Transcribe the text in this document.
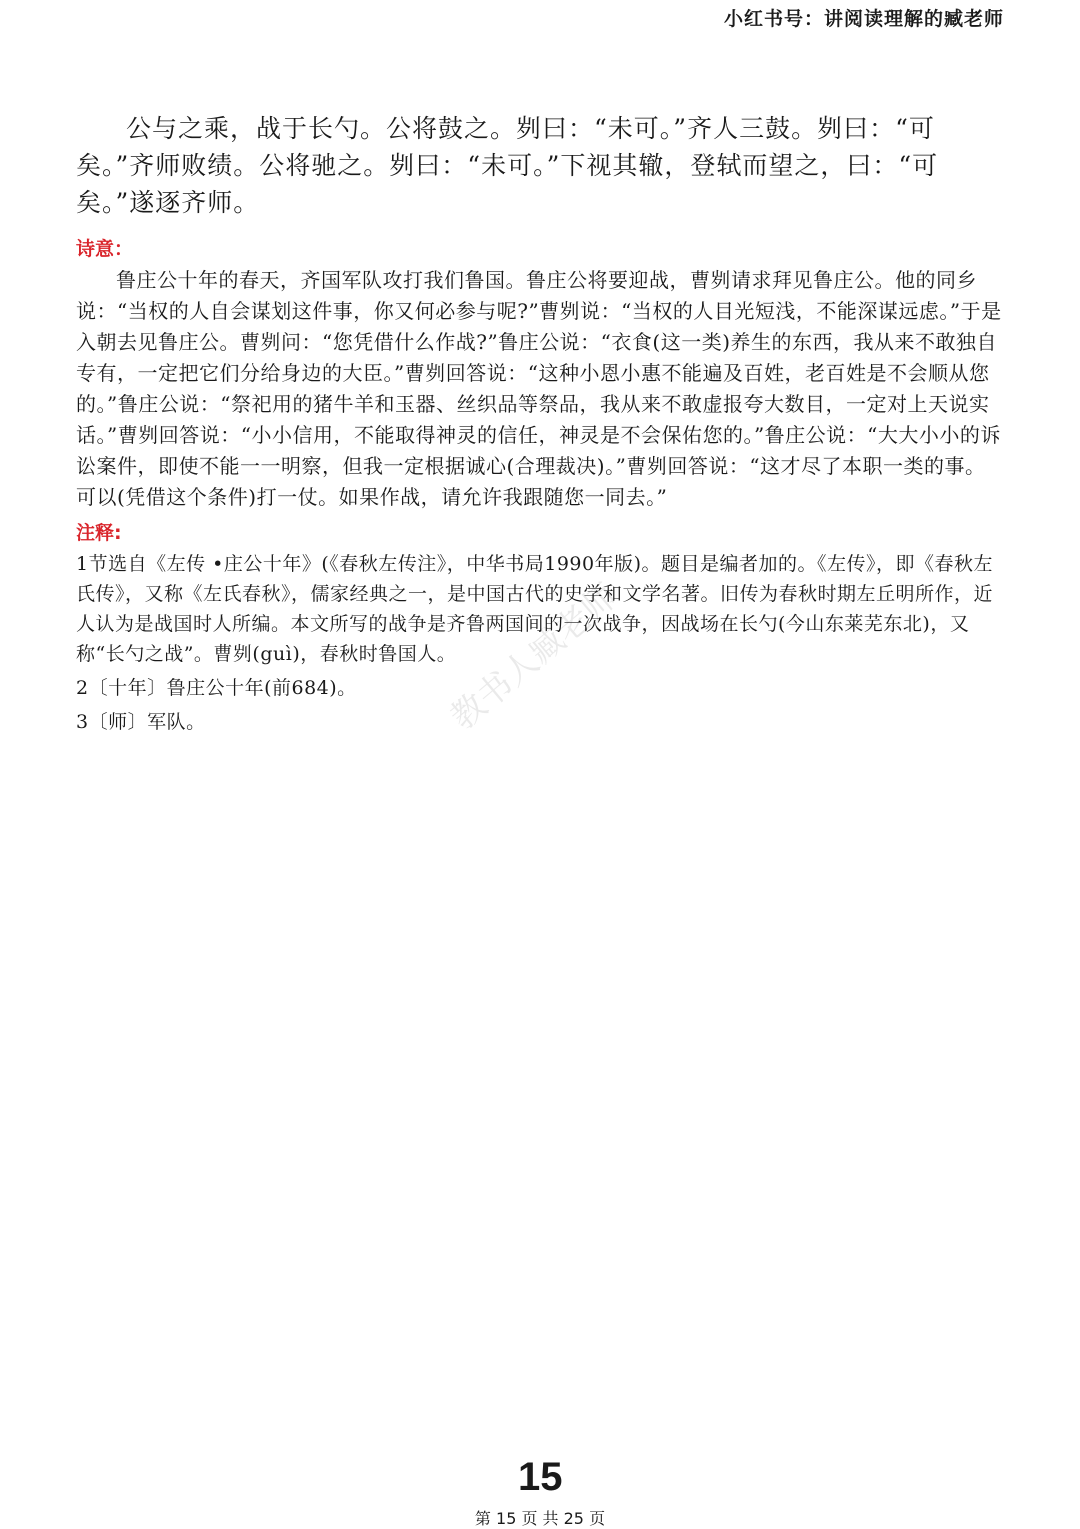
小红书号：讲阅读理解的臧老师
教书人臧老师

公与之乘，战于长勺。公将鼓之。刿曰：“未可。”齐人三鼓。刿曰：“可矣。”齐师败绩。公将驰之。刿曰：“未可。”下视其辙，登轼而望之，曰：“可矣。”遂逐齐师。

诗意：

鲁庄公十年的春天，齐国军队攻打我们鲁国。鲁庄公将要迎战，曹刿请求拜见鲁庄公。他的同乡说：“当权的人自会谋划这件事，你又何必参与呢?”曹刿说：“当权的人目光短浅，不能深谋远虑。”于是入朝去见鲁庄公。曹刿问：“您凭借什么作战?”鲁庄公说：“衣食(这一类)养生的东西，我从来不敢独自专有，一定把它们分给身边的大臣。”曹刿回答说：“这种小恩小惠不能遍及百姓，老百姓是不会顺从您的。”鲁庄公说：“祭祀用的猪牛羊和玉器、丝织品等祭品，我从来不敢虚报夸大数目，一定对上天说实话。”曹刿回答说：“小小信用，不能取得神灵的信任，神灵是不会保佑您的。”鲁庄公说：“大大小小的诉讼案件，即使不能一一明察，但我一定根据诚心(合理裁决)。”曹刿回答说：“这才尽了本职一类的事。可以(凭借这个条件)打一仗。如果作战，请允许我跟随您一同去。”

注释:
1节选自《左传 •庄公十年》(《春秋左传注》，中华书局1990年版)。题目是编者加的。《左传》，即《春秋左氏传》，又称《左氏春秋》，儒家经典之一，是中国古代的史学和文学名著。旧传为春秋时期左丘明所作，近人认为是战国时人所编。本文所写的战争是齐鲁两国间的一次战争，因战场在长勺(今山东莱芜东北)，又称“长勺之战”。曹刿(guì)，春秋时鲁国人。
2〔十年〕鲁庄公十年(前684)。
3〔师〕军队。
15
第 15 页 共 25 页
